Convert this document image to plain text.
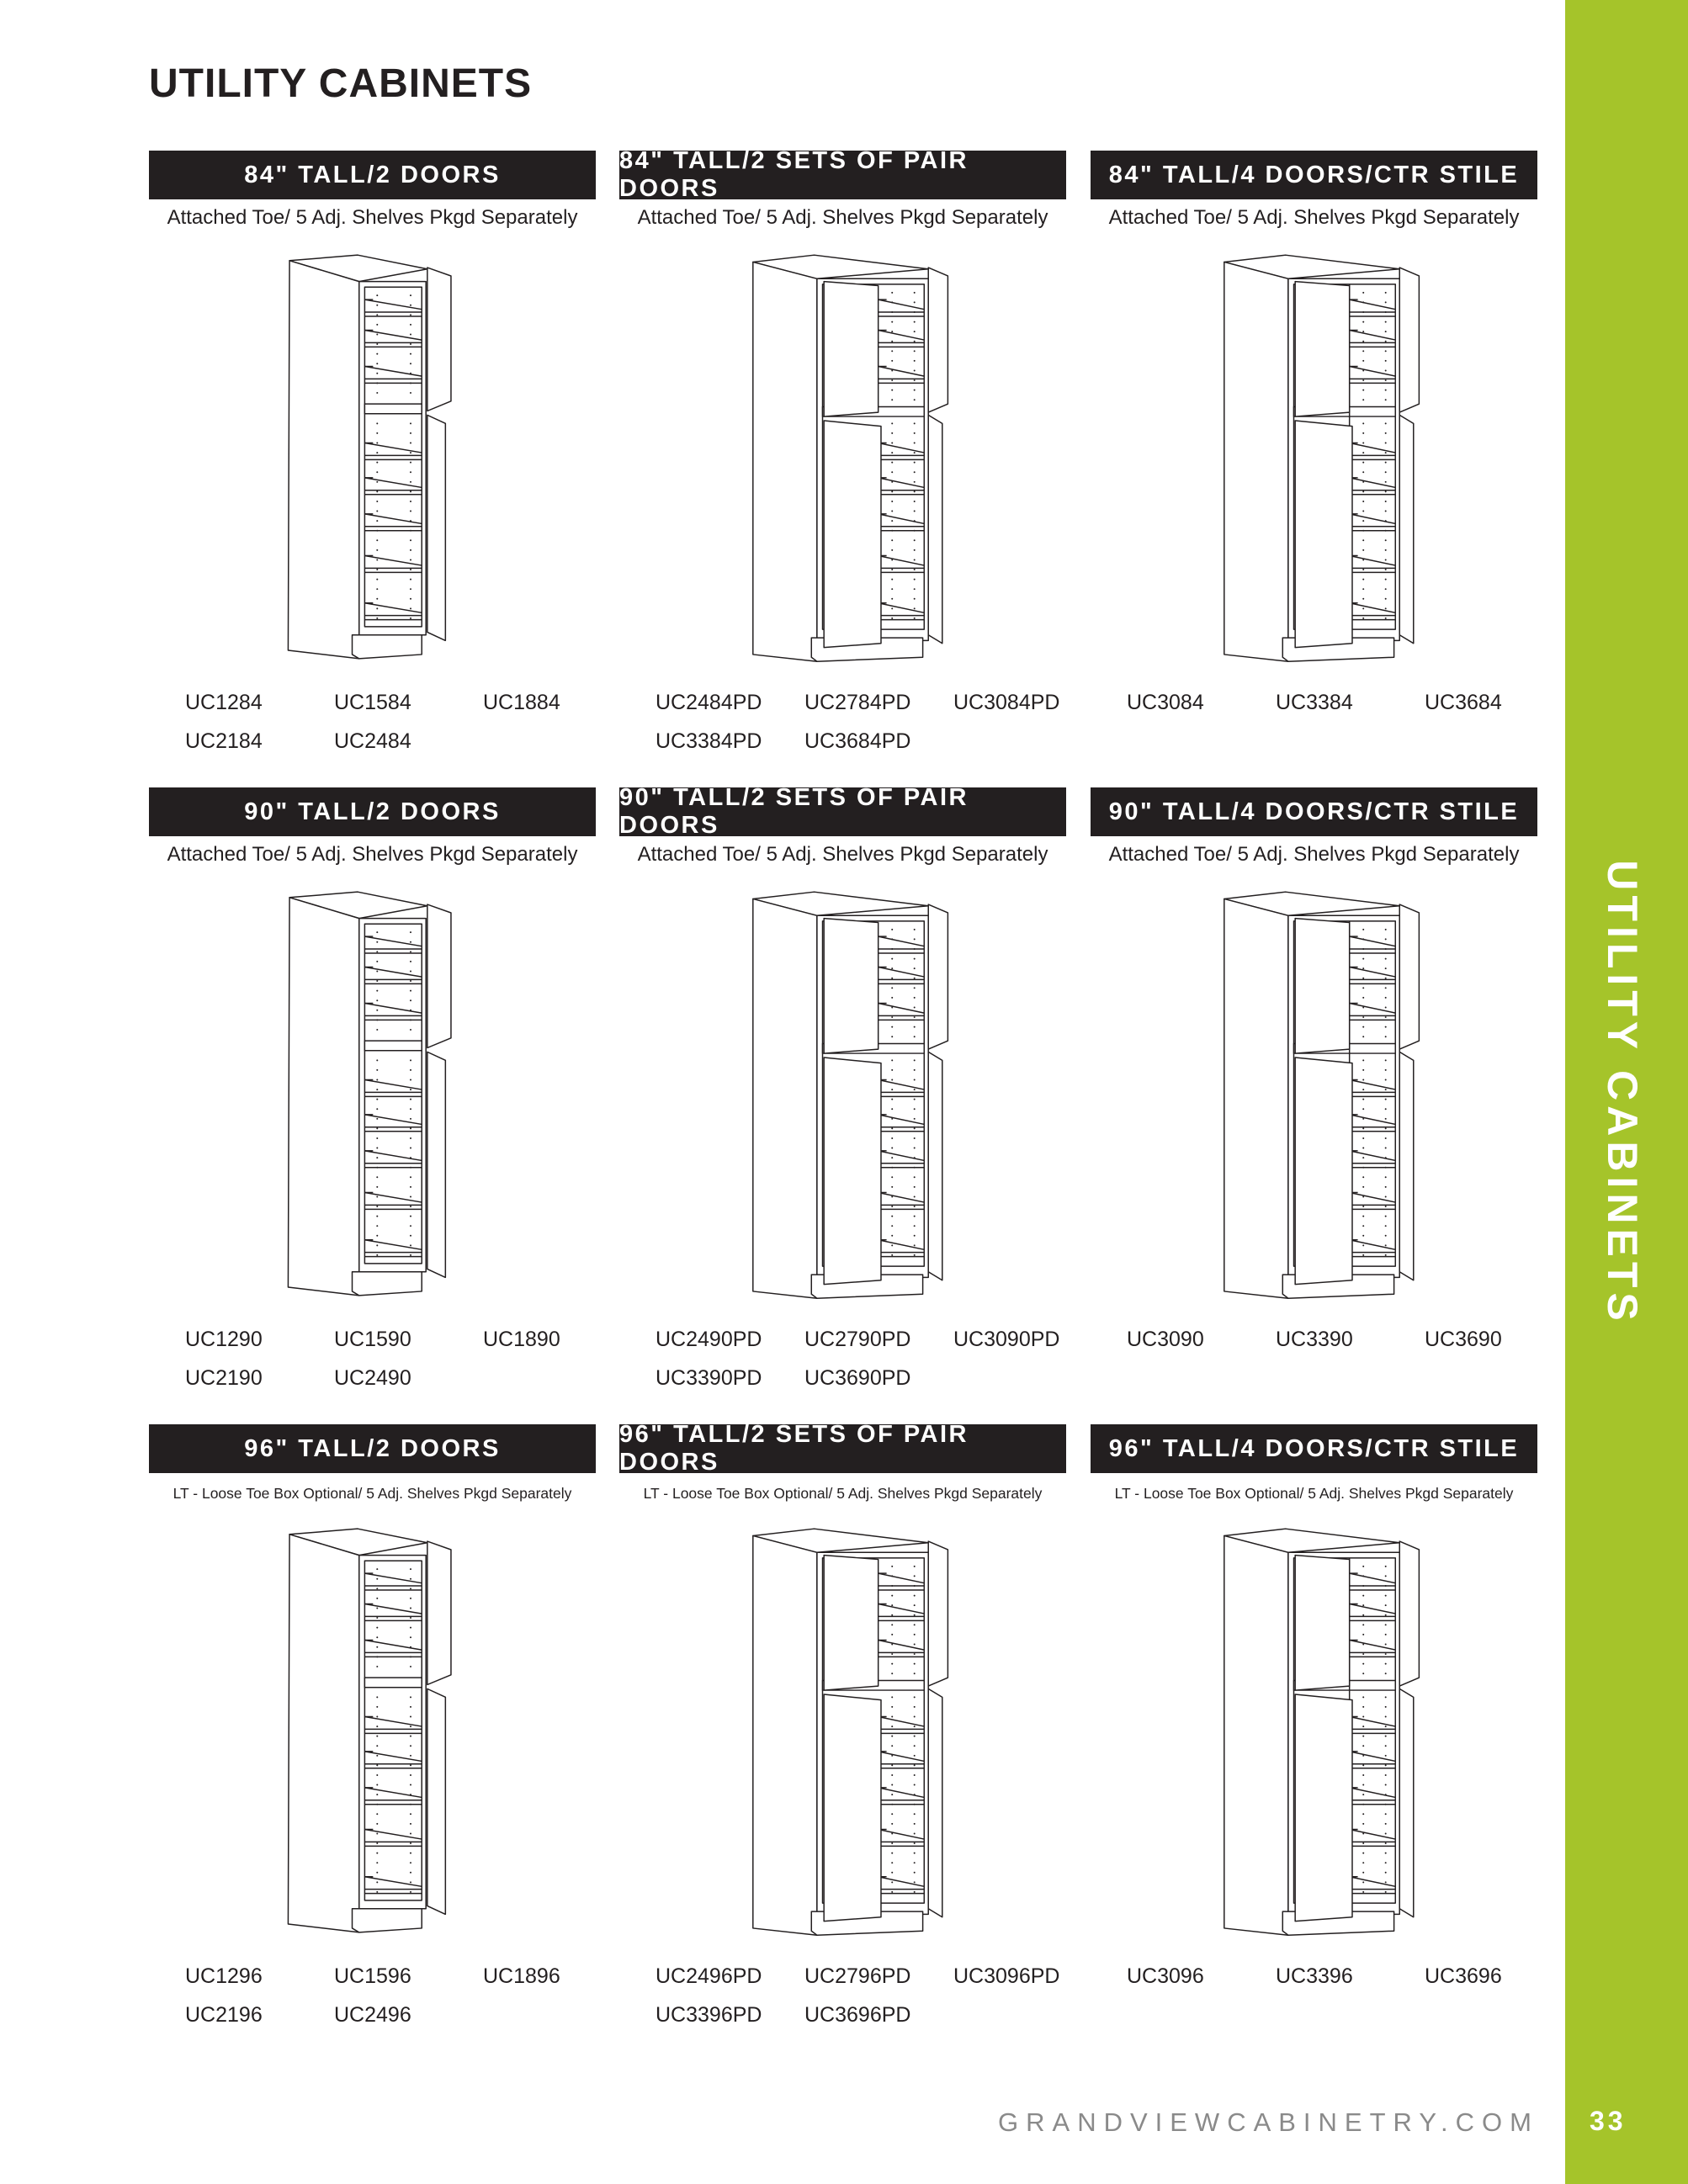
UTILITY CABINETS
84" TALL/2 DOORS
Attached Toe/ 5 Adj. Shelves Pkgd Separately
UC1284	UC1584	UC1884
UC2184	UC2484
84" TALL/2 SETS OF PAIR DOORS
Attached Toe/ 5 Adj. Shelves Pkgd Separately
UC2484PD UC2784PD UC3084PD
UC3384PD UC3684PD
84" TALL/4 DOORS/CTR STILE
Attached Toe/ 5 Adj. Shelves Pkgd Separately
UC3084	UC3384	UC3684
90" TALL/2 DOORS
Attached Toe/ 5 Adj. Shelves Pkgd Separately
UC1290	UC1590	UC1890
UC2190	UC2490
90" TALL/2 SETS OF PAIR DOORS
Attached Toe/ 5 Adj. Shelves Pkgd Separately
UC2490PD UC2790PD UC3090PD
UC3390PD UC3690PD
90" TALL/4 DOORS/CTR STILE
Attached Toe/ 5 Adj. Shelves Pkgd Separately
UC3090	UC3390	UC3690
96" TALL/2 DOORS
LT - Loose Toe Box Optional/ 5 Adj. Shelves Pkgd Separately
UC1296	UC1596	UC1896
UC2196	UC2496
96" TALL/2 SETS OF PAIR DOORS
LT - Loose Toe Box Optional/ 5 Adj. Shelves Pkgd Separately
UC2496PD UC2796PD UC3096PD
UC3396PD UC3696PD
96" TALL/4 DOORS/CTR STILE
LT - Loose Toe Box Optional/ 5 Adj. Shelves Pkgd Separately
UC3096	UC3396	UC3696
UTILITY CABINETS
GRANDVIEWCABINETRY.COM 33
